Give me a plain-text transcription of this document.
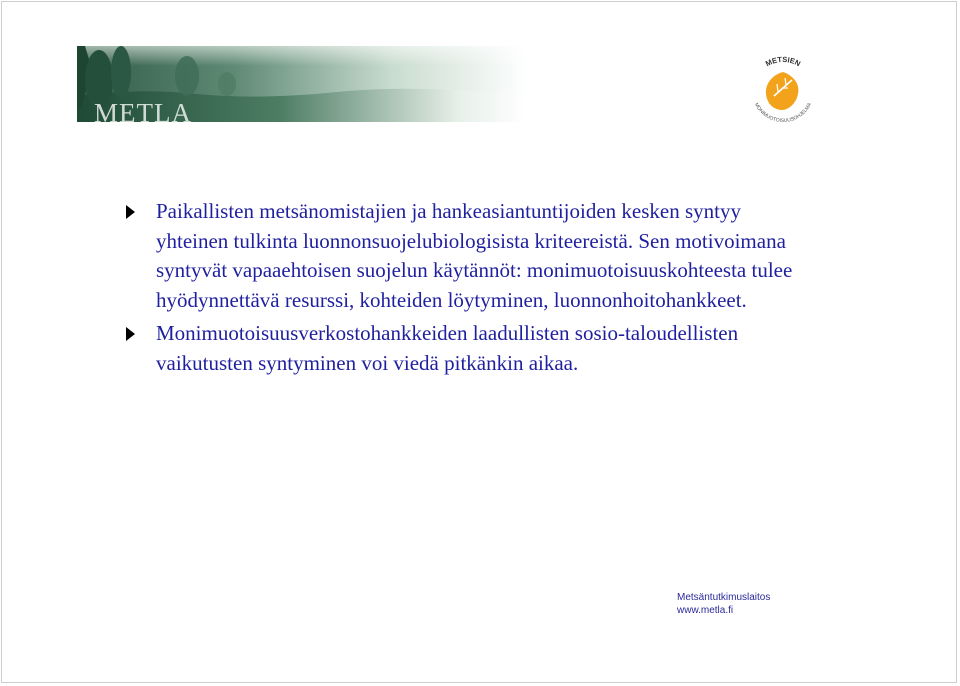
METLA
METSIEN
MONIMUOTOISUUSOHJELMA
Paikallisten metsänomistajien ja hankeasiantuntijoiden kesken syntyy yhteinen tulkinta luonnonsuojelubiologisista kriteereistä. Sen motivoimana syntyvät vapaaehtoisen suojelun käytännöt: monimuotoisuuskohteesta tulee hyödynnettävä resurssi, kohteiden löytyminen, luonnonhoitohankkeet.
Monimuotoisuusverkostohankkeiden laadullisten sosio-taloudellisten vaikutusten syntyminen voi viedä pitkänkin aikaa.
Metsäntutkimuslaitos
www.metla.fi
